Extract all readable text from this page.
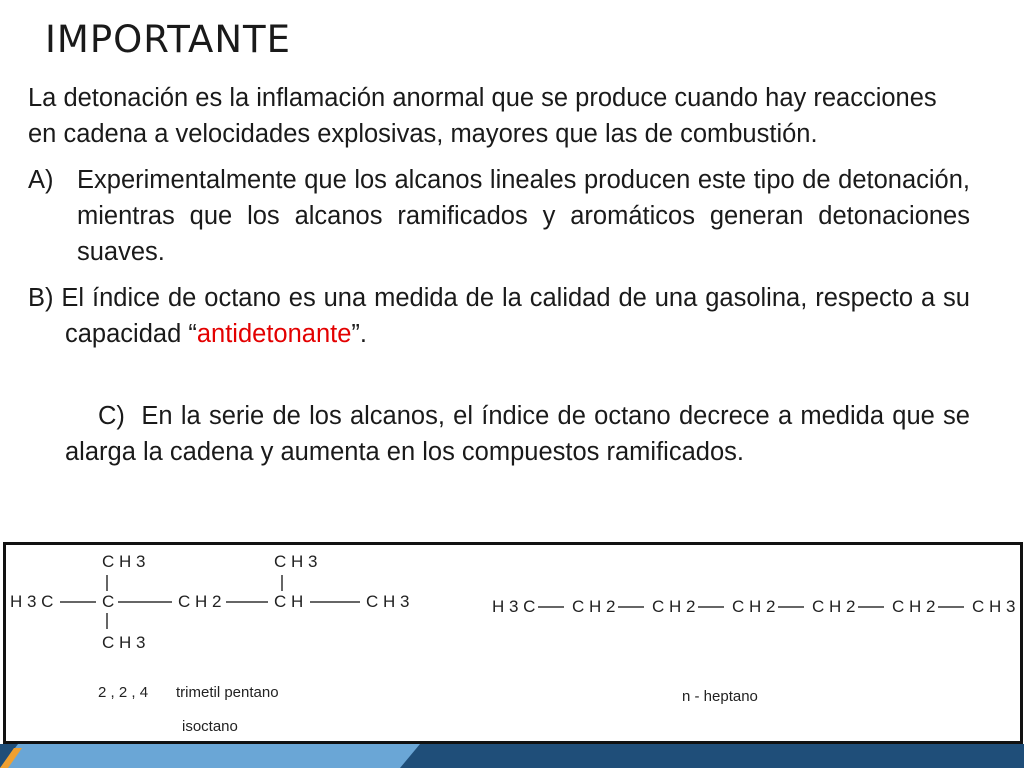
IMPORTANTE

La detonación es la inflamación anormal que se produce cuando hay reacciones en cadena a velocidades explosivas, mayores que las de combustión.

A) Experimentalmente que los alcanos lineales producen este tipo de detonación, mientras que los alcanos ramificados y aromáticos generan detonaciones suaves.

B) El índice de octano es una medida de la calidad de una gasolina, respecto a su capacidad “antidetonante”.

C)  En la serie de los alcanos, el índice de octano decrece a medida que se alarga la cadena y aumenta en los compuestos ramificados.

C H 3	C H 3
H 3 C	C	C H 2	C H	C H 3
C H 3
2 , 2 , 4 trimetil pentano
isoctano
n - heptano
H 3 C C H 2 C H 2 C H 2 C H 2 C H 2 C H 3
